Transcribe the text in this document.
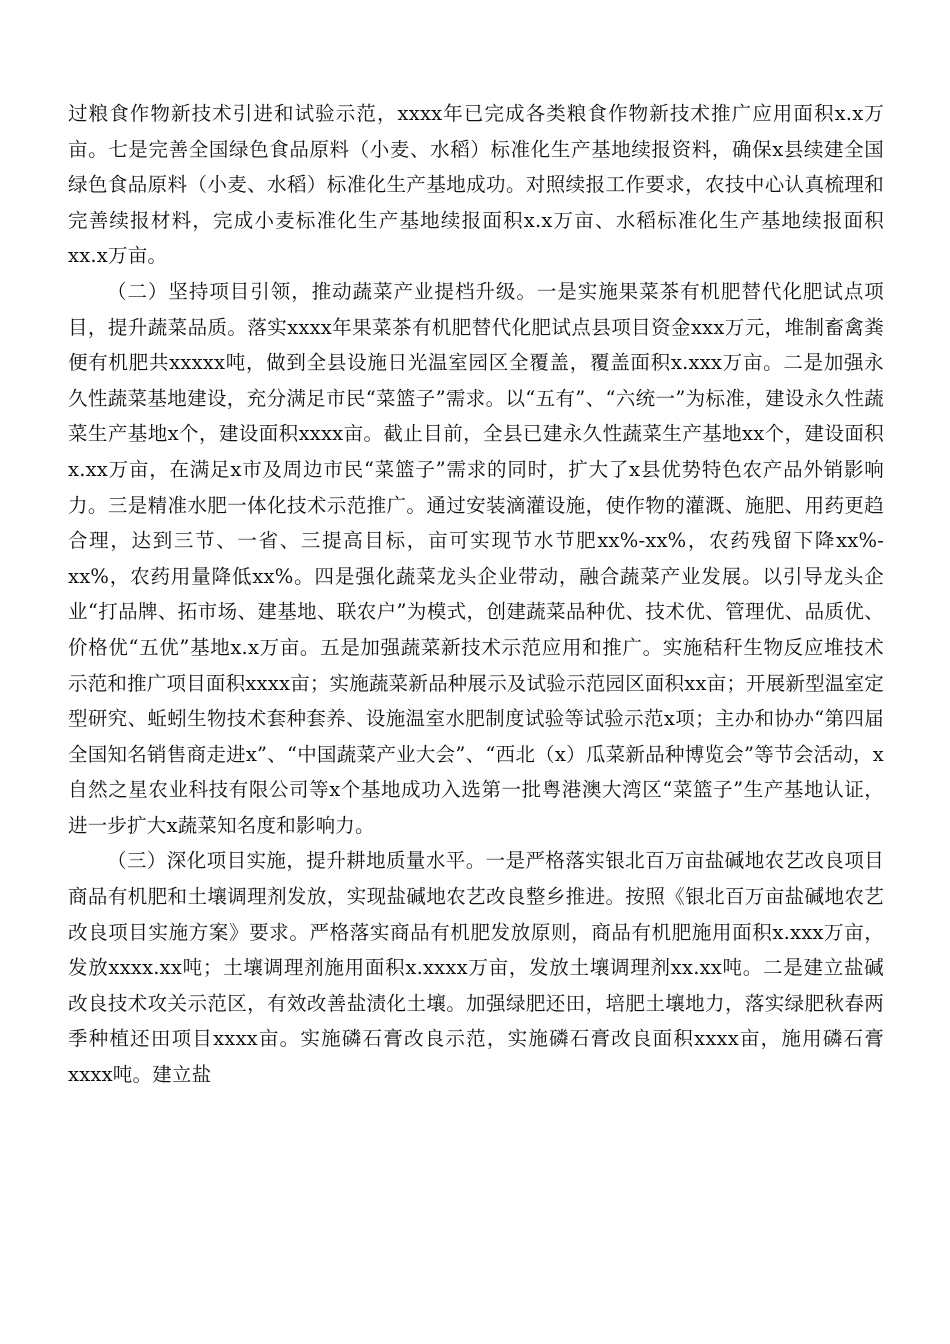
过粮食作物新技术引进和试验示范，xxxx年已完成各类粮食作物新技术推广应用面积x.x万亩。七是完善全国绿色食品原料（小麦、水稻）标准化生产基地续报资料，确保x县续建全国绿色食品原料（小麦、水稻）标准化生产基地成功。对照续报工作要求，农技中心认真梳理和完善续报材料，完成小麦标准化生产基地续报面积x.x万亩、水稻标准化生产基地续报面积xx.x万亩。

（二）坚持项目引领，推动蔬菜产业提档升级。一是实施果菜茶有机肥替代化肥试点项目，提升蔬菜品质。落实xxxx年果菜茶有机肥替代化肥试点县项目资金xxx万元，堆制畜禽粪便有机肥共xxxxx吨，做到全县设施日光温室园区全覆盖，覆盖面积x.xxx万亩。二是加强永久性蔬菜基地建设，充分满足市民“菜篮子”需求。以“五有”、“六统一”为标准，建设永久性蔬菜生产基地x个，建设面积xxxx亩。截止目前，全县已建永久性蔬菜生产基地xx个，建设面积x.xx万亩，在满足x市及周边市民“菜篮子”需求的同时，扩大了x县优势特色农产品外销影响力。三是精准水肥一体化技术示范推广。通过安装滴灌设施，使作物的灌溉、施肥、用药更趋合理，达到三节、一省、三提高目标，亩可实现节水节肥xx%-xx%，农药残留下降xx%-xx%，农药用量降低xx%。四是强化蔬菜龙头企业带动，融合蔬菜产业发展。以引导龙头企业“打品牌、拓市场、建基地、联农户”为模式，创建蔬菜品种优、技术优、管理优、品质优、价格优“五优”基地x.x万亩。五是加强蔬菜新技术示范应用和推广。实施秸秆生物反应堆技术示范和推广项目面积xxxx亩；实施蔬菜新品种展示及试验示范园区面积xx亩；开展新型温室定型研究、蚯蚓生物技术套种套养、设施温室水肥制度试验等试验示范x项；主办和协办“第四届全国知名销售商走进x”、“中国蔬菜产业大会”、“西北（x）瓜菜新品种博览会”等节会活动，x自然之星农业科技有限公司等x个基地成功入选第一批粤港澳大湾区“菜篮子”生产基地认证，进一步扩大x蔬菜知名度和影响力。

（三）深化项目实施，提升耕地质量水平。一是严格落实银北百万亩盐碱地农艺改良项目商品有机肥和土壤调理剂发放，实现盐碱地农艺改良整乡推进。按照《银北百万亩盐碱地农艺改良项目实施方案》要求。严格落实商品有机肥发放原则，商品有机肥施用面积x.xxx万亩，发放xxxx.xx吨；土壤调理剂施用面积x.xxxx万亩，发放土壤调理剂xx.xx吨。二是建立盐碱改良技术攻关示范区，有效改善盐渍化土壤。加强绿肥还田，培肥土壤地力，落实绿肥秋春两季种植还田项目xxxx亩。实施磷石膏改良示范，实施磷石膏改良面积xxxx亩，施用磷石膏xxxx吨。建立盐
